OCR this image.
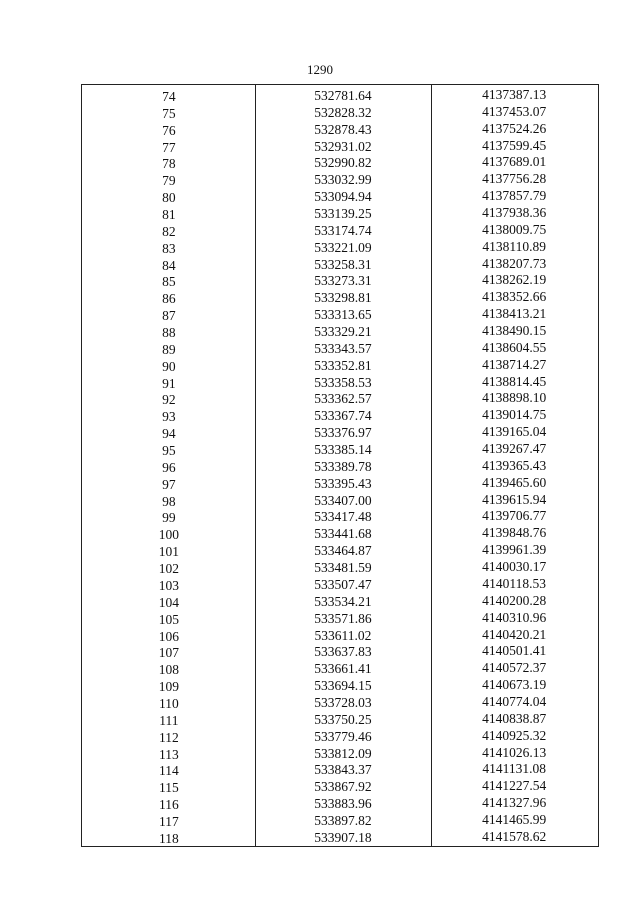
1290
74	532781.64	4137387.13
75	532828.32	4137453.07
76	532878.43	4137524.26
77	532931.02	4137599.45
78	532990.82	4137689.01
79	533032.99	4137756.28
80	533094.94	4137857.79
81	533139.25	4137938.36
82	533174.74	4138009.75
83	533221.09	4138110.89
84	533258.31	4138207.73
85	533273.31	4138262.19
86	533298.81	4138352.66
87	533313.65	4138413.21
88	533329.21	4138490.15
89	533343.57	4138604.55
90	533352.81	4138714.27
91	533358.53	4138814.45
92	533362.57	4138898.10
93	533367.74	4139014.75
94	533376.97	4139165.04
95	533385.14	4139267.47
96	533389.78	4139365.43
97	533395.43	4139465.60
98	533407.00	4139615.94
99	533417.48	4139706.77
100	533441.68	4139848.76
101	533464.87	4139961.39
102	533481.59	4140030.17
103	533507.47	4140118.53
104	533534.21	4140200.28
105	533571.86	4140310.96
106	533611.02	4140420.21
107	533637.83	4140501.41
108	533661.41	4140572.37
109	533694.15	4140673.19
110	533728.03	4140774.04
111	533750.25	4140838.87
112	533779.46	4140925.32
113	533812.09	4141026.13
114	533843.37	4141131.08
115	533867.92	4141227.54
116	533883.96	4141327.96
117	533897.82	4141465.99
118	533907.18	4141578.62
